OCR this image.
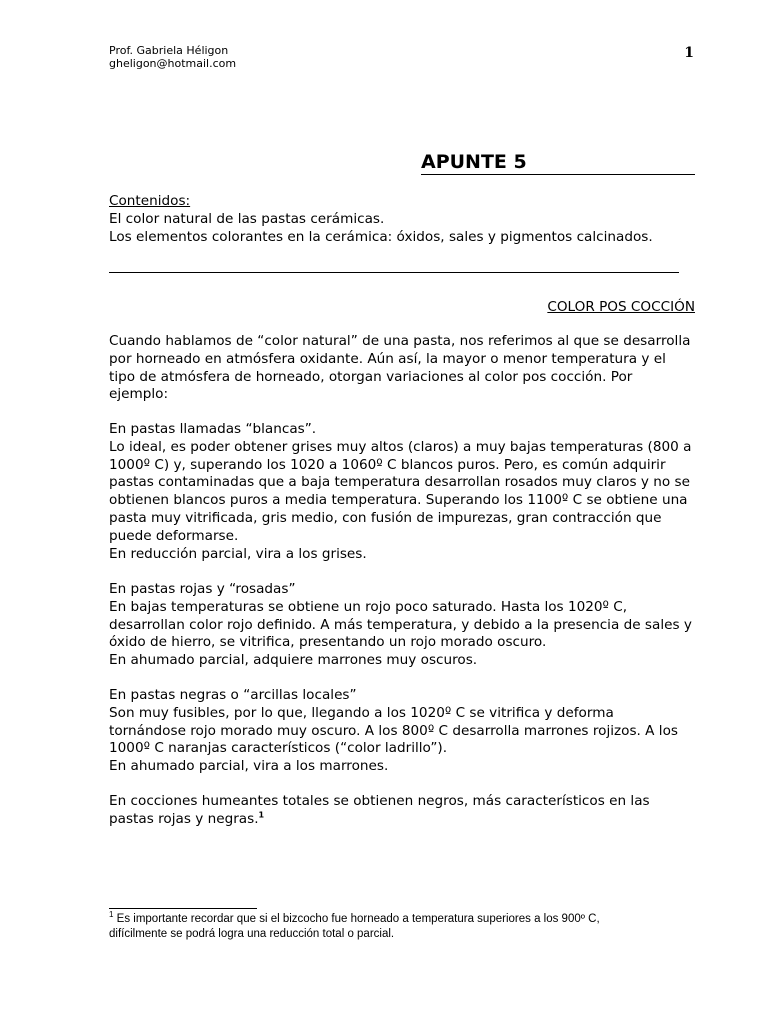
Prof. Gabriela Héligon
gheligon@hotmail.com
1
APUNTE 5
Contenidos:
El color natural de las pastas cerámicas.
Los elementos colorantes en la cerámica: óxidos, sales y pigmentos calcinados.
COLOR POS COCCIÓN
Cuando hablamos de “color natural” de una pasta, nos referimos al que se desarrolla
por horneado en atmósfera oxidante. Aún así, la mayor o menor temperatura y el
tipo de atmósfera de horneado, otorgan variaciones al color pos cocción. Por
ejemplo:
En pastas llamadas “blancas”.
Lo ideal, es poder obtener grises muy altos (claros) a muy bajas temperaturas (800 a
1000º C) y, superando los 1020 a 1060º C blancos puros. Pero, es común adquirir
pastas contaminadas que a baja temperatura desarrollan rosados muy claros y no se
obtienen blancos puros a media temperatura. Superando los 1100º C se obtiene una
pasta muy vitrificada, gris medio, con fusión de impurezas, gran contracción que
puede deformarse.
En reducción parcial, vira a los grises.
En pastas rojas y “rosadas”
En bajas temperaturas se obtiene un rojo poco saturado. Hasta los 1020º C,
desarrollan color rojo definido. A más temperatura, y debido a la presencia de sales y
óxido de hierro, se vitrifica, presentando un rojo morado oscuro.
En ahumado parcial, adquiere marrones muy oscuros.
En pastas negras o “arcillas locales”
Son muy fusibles, por lo que, llegando a los 1020º C se vitrifica y deforma
tornándose rojo morado muy oscuro. A los 800º C desarrolla marrones rojizos. A los
1000º C naranjas característicos (“color ladrillo”).
En ahumado parcial, vira a los marrones.
En cocciones humeantes totales se obtienen negros, más característicos en las
pastas rojas y negras.$^1$
$^1$ Es importante recordar que si el bizcocho fue horneado a temperatura superiores a los 900º C,
difícilmente se podrá logra una reducción total o parcial.
